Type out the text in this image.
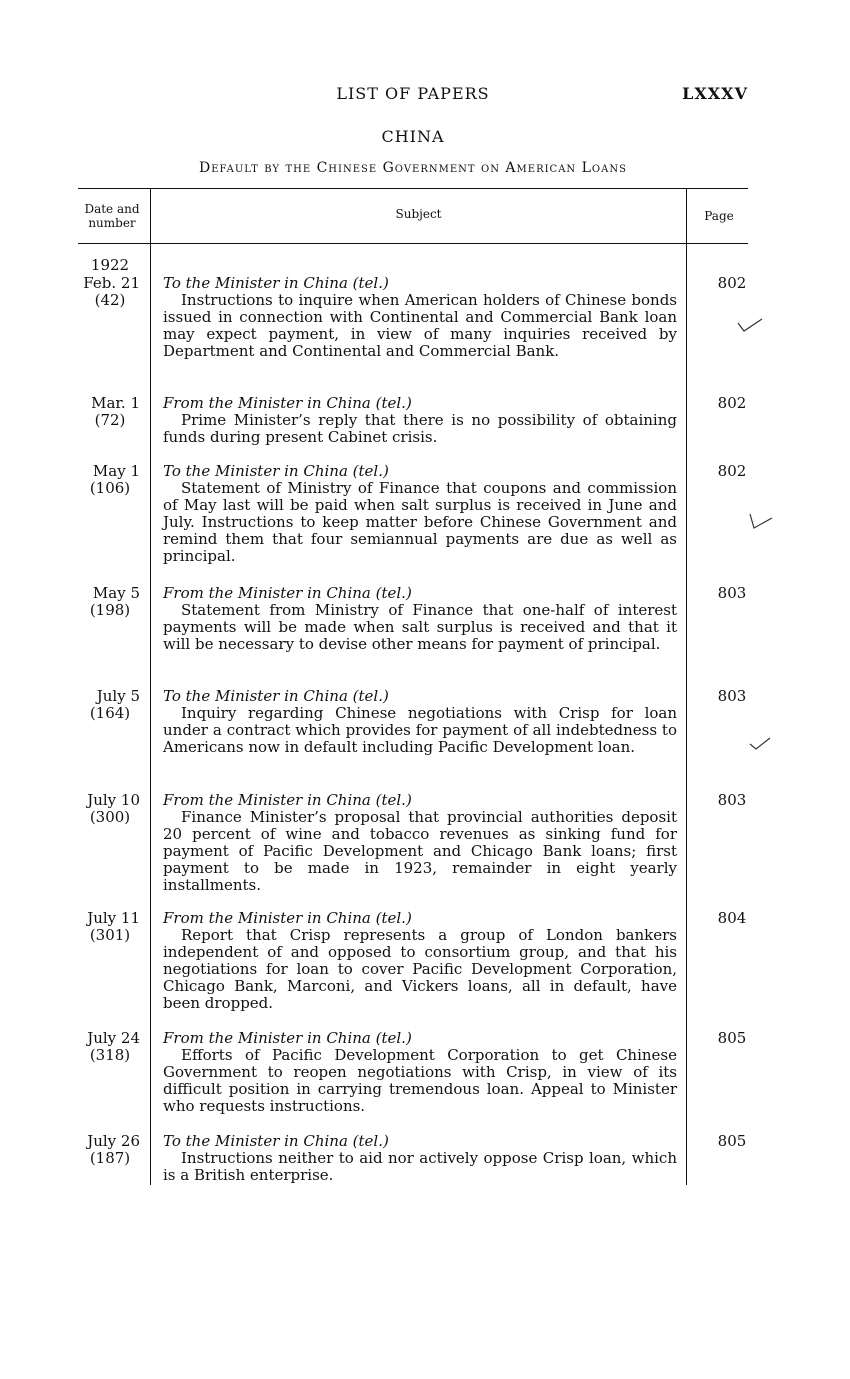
LIST OF PAPERS	LXXXV
CHINA
Default by the Chinese Government on American Loans
Date and number
Subject	Page
1922
Feb. 21
(42)
To the Minister in China (tel.)
Instructions to inquire when American holders of Chinese bonds issued in connection with Continental and Commercial Bank loan may expect payment, in view of many inquiries received by Department and Continental and Commercial Bank.
802
Mar. 1
(72)
From the Minister in China (tel.)
Prime Minister’s reply that there is no possibility of obtaining funds during present Cabinet crisis.
802
May 1
(106)
To the Minister in China (tel.)
Statement of Ministry of Finance that coupons and commission of May last will be paid when salt surplus is received in June and July. Instructions to keep matter before Chinese Government and remind them that four semiannual payments are due as well as principal.
802
May 5
(198)
From the Minister in China (tel.)
Statement from Ministry of Finance that one-half of interest payments will be made when salt surplus is received and that it will be necessary to devise other means for payment of principal.
803
July 5
(164)
To the Minister in China (tel.)
Inquiry regarding Chinese negotiations with Crisp for loan under a contract which provides for payment of all indebtedness to Americans now in default including Pacific Development loan.
803
July 10
(300)
From the Minister in China (tel.)
Finance Minister’s proposal that provincial authorities deposit 20 percent of wine and tobacco revenues as sinking fund for payment of Pacific Development and Chicago Bank loans; first payment to be made in 1923, remainder in eight yearly installments.
803
July 11
(301)
From the Minister in China (tel.)
Report that Crisp represents a group of London bankers independent of and opposed to consortium group, and that his negotiations for loan to cover Pacific Development Corporation, Chicago Bank, Marconi, and Vickers loans, all in default, have been dropped.
804
July 24
(318)
From the Minister in China (tel.)
Efforts of Pacific Development Corporation to get Chinese Government to reopen negotiations with Crisp, in view of its difficult position in carrying tremendous loan. Appeal to Minister who requests instructions.
805
July 26
(187)
To the Minister in China (tel.)
Instructions neither to aid nor actively oppose Crisp loan, which is a British enterprise.
805
